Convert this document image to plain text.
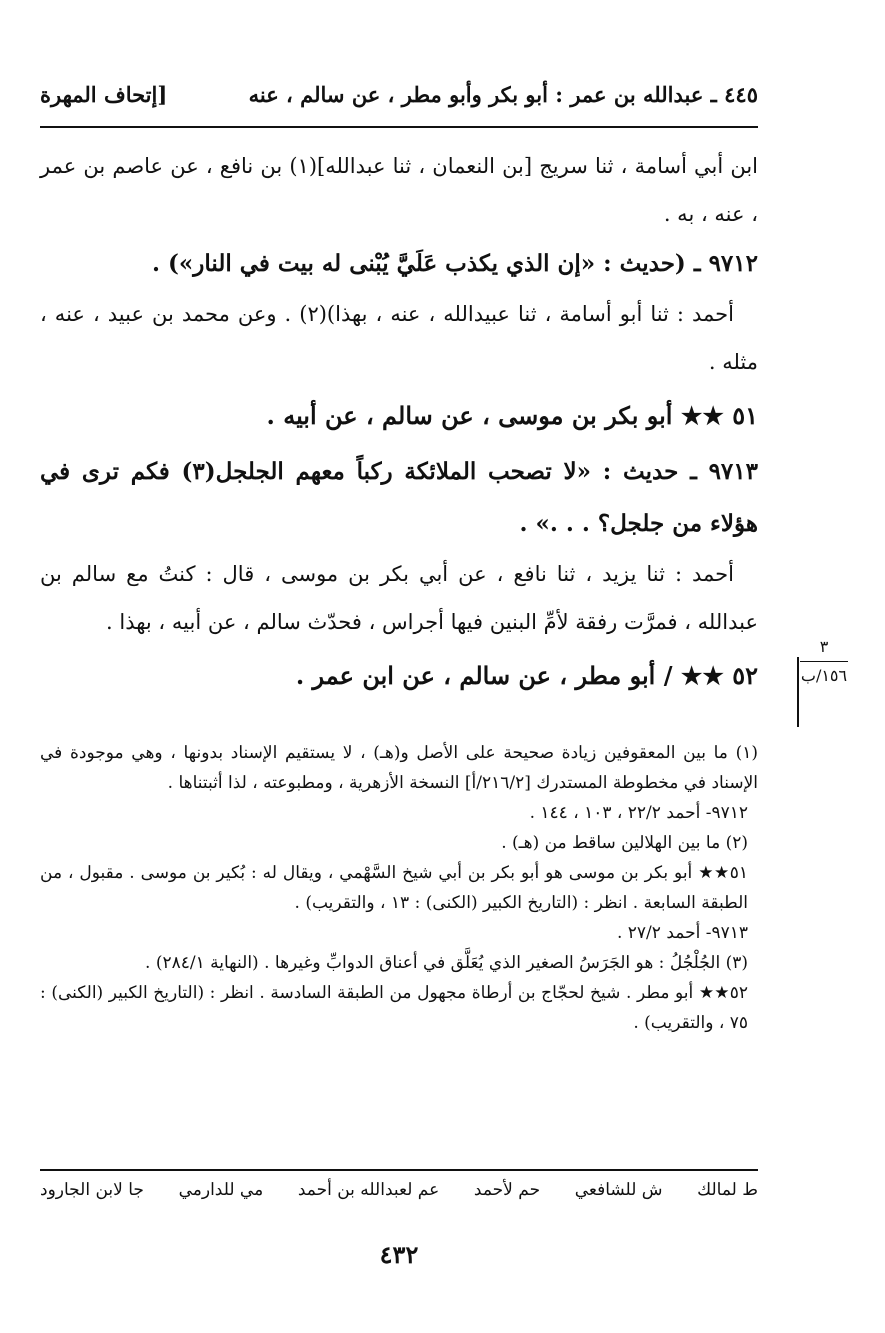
٤٤٥ ـ عبدالله بن عمر : أبو بكر وأبو مطر ، عن سالم ، عنه
[إتحاف المهرة

ابن أبي أسامة ، ثنا سريج [بن النعمان ، ثنا عبدالله](١) بن نافع ، عن عاصم بن عمر ، عنه ، به .

٩٧١٢ ـ (حديث : «إن الذي يكذب عَلَيَّ يُبْنى له بيت في النار») .

أحمد : ثنا أبو أسامة ، ثنا عبيدالله ، عنه ، بهذا)(٢) . وعن محمد بن عبيد ، عنه ، مثله .

٥١ ★★ أبو بكر بن موسى ، عن سالم ، عن أبيه .

٩٧١٣ ـ حديث : «لا تصحب الملائكة ركباً معهم الجلجل(٣) فكم ترى في هؤلاء من جلجل؟ . . .» .

أحمد : ثنا يزيد ، ثنا نافع ، عن أبي بكر بن موسى ، قال : كنتُ مع سالم بن عبدالله ، فمرَّت رفقة لأمِّ البنين فيها أجراس ، فحدّث سالم ، عن أبيه ، بهذا .

٥٢ ★★ / أبو مطر ، عن سالم ، عن ابن عمر .

٣
١٥٦/ب

(١) ما بين المعقوفين زيادة صحيحة على الأصل و(هـ) ، لا يستقيم الإسناد بدونها ، وهي موجودة في الإسناد في مخطوطة المستدرك [٢١٦/٢/أ] النسخة الأزهرية ، ومطبوعته ، لذا أثبتناها .

٩٧١٢- أحمد ٢٢/٢ ، ١٠٣ ، ١٤٤ .

(٢) ما بين الهلالين ساقط من (هـ) .

٥١★★ أبو بكر بن موسى هو أبو بكر بن أبي شيخ السَّهْمي ، ويقال له : بُكير بن موسى . مقبول ، من الطبقة السابعة . انظر : (التاريخ الكبير (الكنى) : ١٣ ، والتقريب) .

٩٧١٣- أحمد ٢٧/٢ .

(٣) الجُلْجُلُ : هو الجَرَسُ الصغير الذي يُعَلَّق في أعناق الدوابِّ وغيرها . (النهاية ٢٨٤/١) .

٥٢★★ أبو مطر . شيخ لحجّاج بن أرطاة مجهول من الطبقة السادسة . انظر : (التاريخ الكبير (الكنى) : ٧٥ ، والتقريب) .

ط لمالك
ش للشافعي
حم لأحمد
عم لعبدالله بن أحمد
مي للدارمي
جا لابن الجارود
٤٣٢
